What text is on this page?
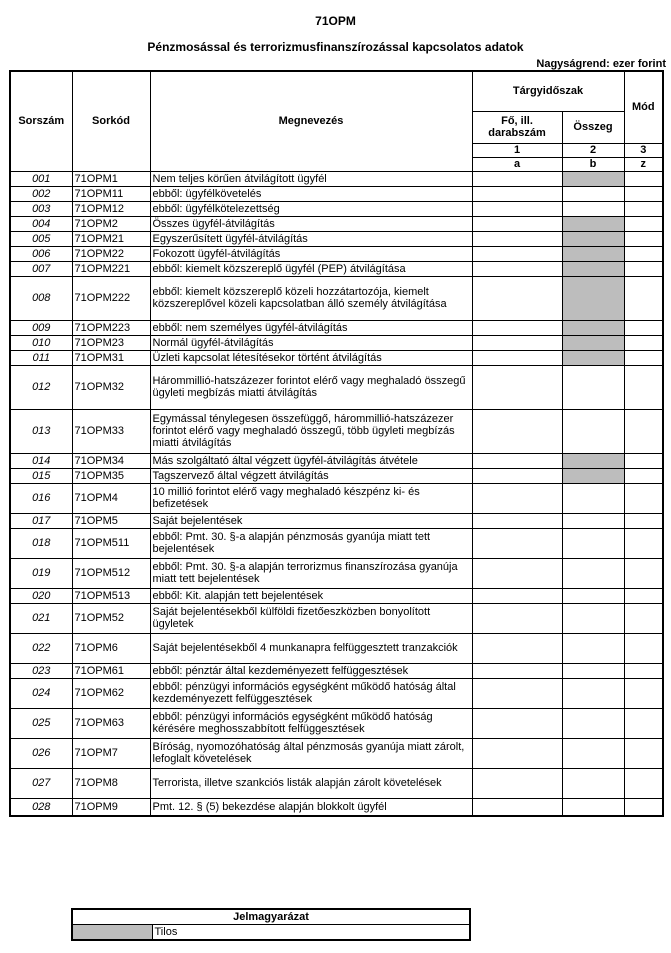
71OPM
Pénzmosással és terrorizmusfinanszírozással kapcsolatos adatok
Nagyságrend: ezer forint
Sorszám	Sorkód	Megnevezés	Tárgyidőszak		Mód
			Fő, ill. darabszám	Összeg	
			1	2	3
			a	b	z
001	71OPM1	Nem teljes körűen átvilágított ügyfél			
002	71OPM11	ebből: ügyfélkövetelés			
003	71OPM12	ebből: ügyfélkötelezettség			
004	71OPM2	Összes ügyfél-átvilágítás			
005	71OPM21	Egyszerűsített ügyfél-átvilágítás			
006	71OPM22	Fokozott ügyfél-átvilágítás			
007	71OPM221	ebből: kiemelt közszereplő ügyfél (PEP) átvilágítása			
008	71OPM222	ebből: kiemelt közszereplő közeli hozzátartozója, kiemelt közszereplővel közeli kapcsolatban álló személy átvilágítása			
009	71OPM223	ebből: nem személyes ügyfél-átvilágítás			
010	71OPM23	Normál ügyfél-átvilágítás			
011	71OPM31	Üzleti kapcsolat létesítésekor történt átvilágítás			
012	71OPM32	Hárommillió-hatszázezer forintot elérő vagy meghaladó összegű ügyleti megbízás miatti átvilágítás			
013	71OPM33	Egymással ténylegesen összefüggő, hárommillió-hatszázezer forintot elérő vagy meghaladó összegű, több ügyleti megbízás miatti átvilágítás			
014	71OPM34	Más szolgáltató által végzett ügyfél-átvilágítás átvétele			
015	71OPM35	Tagszervező által végzett átvilágítás			
016	71OPM4	10 millió forintot elérő vagy meghaladó készpénz ki- és befizetések			
017	71OPM5	Saját bejelentések			
018	71OPM511	ebből: Pmt. 30. §-a alapján pénzmosás gyanúja miatt tett bejelentések			
019	71OPM512	ebből: Pmt. 30. §-a alapján terrorizmus finanszírozása gyanúja miatt tett bejelentések			
020	71OPM513	ebből: Kit. alapján tett bejelentések			
021	71OPM52	Saját bejelentésekből külföldi fizetőeszközben bonyolított ügyletek			
022	71OPM6	Saját bejelentésekből 4 munkanapra felfüggesztett tranzakciók			
023	71OPM61	ebből: pénztár által kezdeményezett felfüggesztések			
024	71OPM62	ebből: pénzügyi információs egységként működő hatóság által kezdeményezett felfüggesztések			
025	71OPM63	ebből: pénzügyi információs egységként működő hatóság kérésére meghosszabbított felfüggesztések			
026	71OPM7	Bíróság, nyomozóhatóság által pénzmosás gyanúja miatt zárolt, lefoglalt követelések			
027	71OPM8	Terrorista, illetve szankciós listák alapján zárolt követelések			
028	71OPM9	Pmt. 12. § (5) bekezdése alapján blokkolt ügyfél			
Jelmagyarázat
	Tilos
